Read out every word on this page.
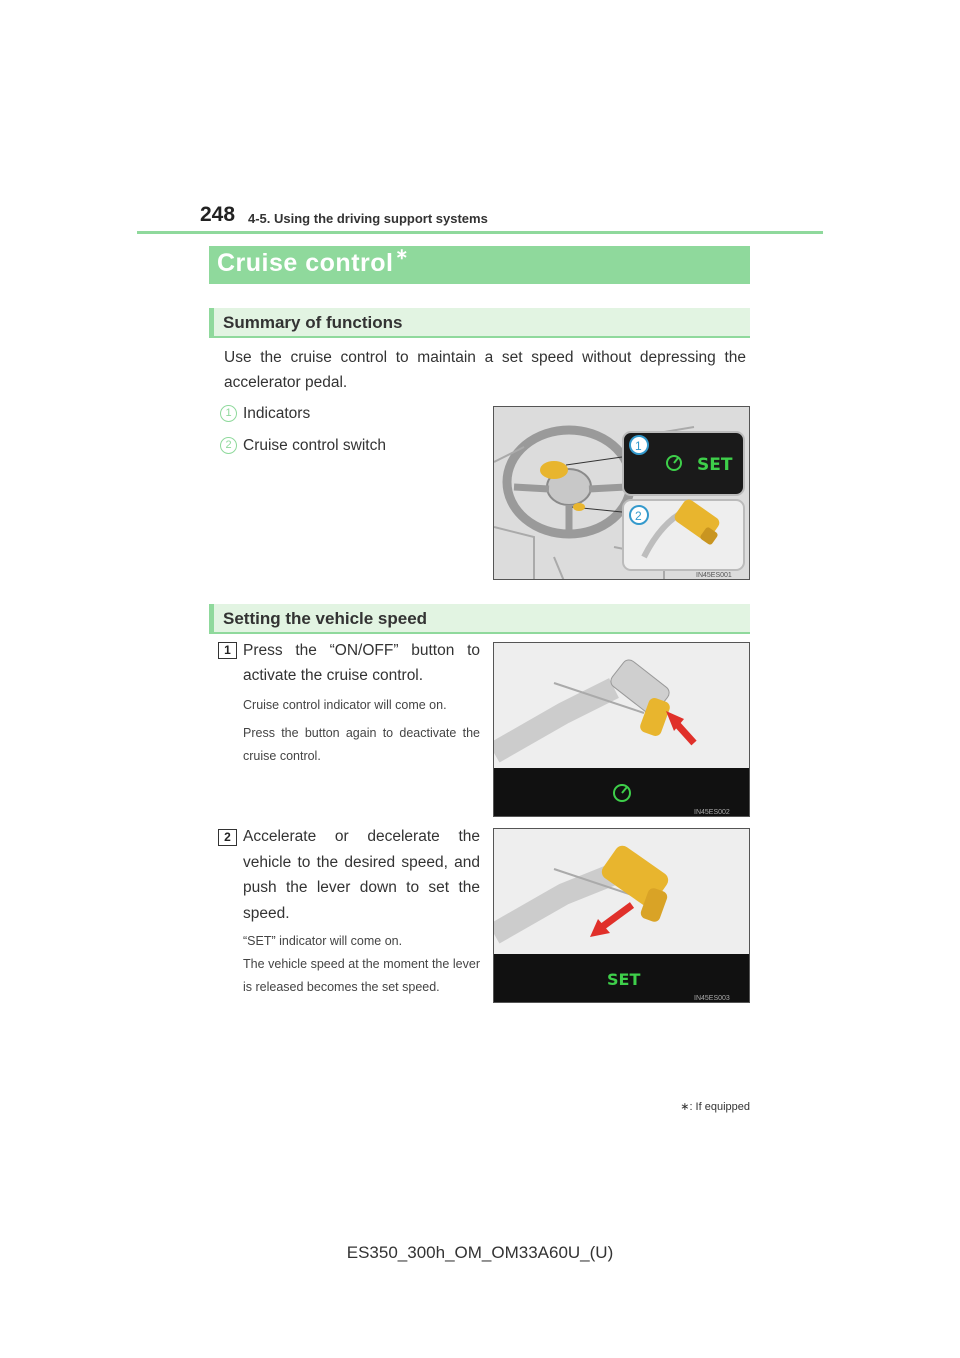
248 4-5. Using the driving support systems
Cruise control ∗
Summary of functions
Use the cruise control to maintain a set speed without depressing the accelerator pedal.
1 Indicators
2 Cruise control switch
SET
1
2
IN45ES001
Setting the vehicle speed
1 Press the “ON/OFF” button to activate the cruise control.
Cruise control indicator will come on.
Press the button again to deactivate the cruise control.
IN45ES002
2 Accelerate or decelerate the vehicle to the desired speed, and push the lever down to set the speed.
“SET” indicator will come on.
The vehicle speed at the moment the lever is released becomes the set speed.	SET
IN45ES003
∗: If equipped
ES350_300h_OM_OM33A60U_(U)
